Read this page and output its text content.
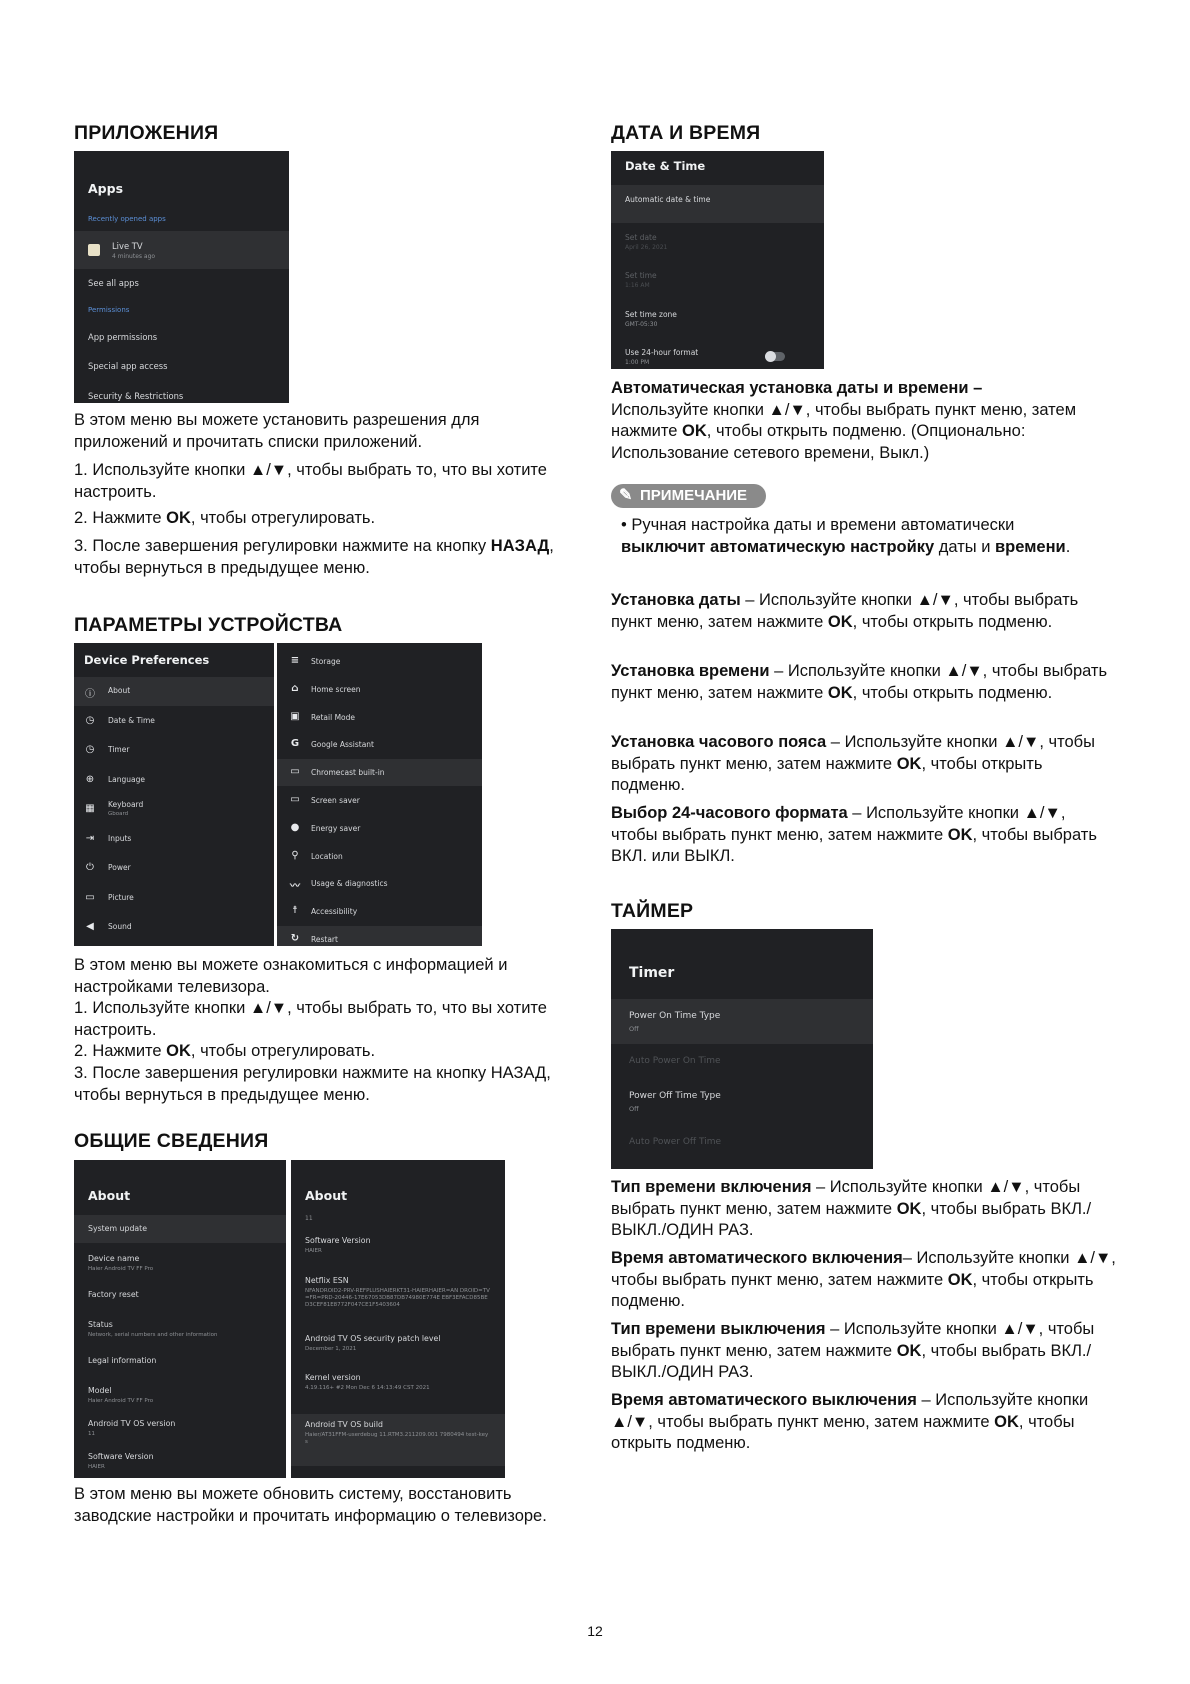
ПРИЛОЖЕНИЯ
Apps
Recently opened apps
Live TV
4 minutes ago
See all apps
Permissions
App permissions
Special app access
Security & Restrictions

В этом меню вы можете установить разрешения для приложений и прочитать списки приложений.

1. Используйте кнопки ▲/▼, чтобы выбрать то, что вы хотите настроить.

2. Нажмите OK, чтобы отрегулировать.

3. После завершения регулировки нажмите на кнопку НАЗАД, чтобы вернуться в предыдущее меню.

ПАРАМЕТРЫ УСТРОЙСТВА
Device Preferences
ⓘ About
◷ Date & Time
◷ Timer
⊕ Language
▦ Keyboard
Gboard
⇥ Inputs
⏻ Power
▭ Picture
◀ Sound
≡ Storage
⌂	Home screen
▣ Retail Mode
G Google Assistant
▭ Chromecast built-in
▭ Screen saver
● Energy saver
⚲	Location
〰 Usage & diagnostics
☨	Accessibility
↻ Restart

В этом меню вы можете ознакомиться с информацией и настройками телевизора.

1. Используйте кнопки ▲/▼, чтобы выбрать то, что вы хотите настроить.

2. Нажмите OK, чтобы отрегулировать.

3. После завершения регулировки нажмите на кнопку НАЗАД, чтобы вернуться в предыдущее меню.

ОБЩИЕ СВЕДЕНИЯ
About
System update
Device name
Haier Android TV FF Pro
Factory reset
Status
Network, serial numbers and other information
Legal information
Model
Haier Android TV FF Pro
Android TV OS version
11
Software Version
HAIER
About
11
Software Version
HAIER
Netflix ESN
NFANDROID2-PRV-REFPLUSHAIERKT31-HAIERHAIER=AN DROID=TV=FR=PRD-20446-17E67053DB87DB74980E774E EBF3EFACD85BED3CEF81E8772F047CE1F5403604
Android TV OS security patch level
December 1, 2021
Kernel version
4.19.116+ #2 Mon Dec 6 14:13:49 CST 2021
Android TV OS build
Haier/AT31FFM-userdebug 11.RTM3.211209.001 7980494 test-keys

В этом меню вы можете обновить систему, восстановить заводские настройки и прочитать информацию о телевизоре.

ДАТА И ВРЕМЯ
Date & Time
Automatic date & time
Set date
April 26, 2021
Set time
1:16 AM
Set time zone
GMT-05:30
Use 24-hour format
1:00 PM

Автоматическая установка даты и времени –
Используйте кнопки ▲/▼, чтобы выбрать пункт меню, затем нажмите OK, чтобы открыть подменю. (Опционально: Использование сетевого времени, Выкл.)

✎ ПРИМЕЧАНИЕ

• Ручная настройка даты и времени автоматически выключит автоматическую настройку даты и времени.

Установка даты – Используйте кнопки ▲/▼, чтобы выбрать пункт меню, затем нажмите OK, чтобы открыть подменю.

Установка времени – Используйте кнопки ▲/▼, чтобы выбрать пункт меню, затем нажмите OK, чтобы открыть подменю.

Установка часового пояса – Используйте кнопки ▲/▼, чтобы выбрать пункт меню, затем нажмите OK, чтобы открыть подменю.

Выбор 24-часового формата – Используйте кнопки ▲/▼, чтобы выбрать пункт меню, затем нажмите OK, чтобы выбрать ВКЛ. или ВЫКЛ.

ТАЙМЕР
Timer
Power On Time Type
Off
Auto Power On Time
Power Off Time Type
Off
Auto Power Off Time

Тип времени включения – Используйте кнопки ▲/▼, чтобы выбрать пункт меню, затем нажмите OK, чтобы выбрать ВКЛ./ВЫКЛ./ОДИН РАЗ.

Время автоматического включения– Используйте кнопки ▲/▼, чтобы выбрать пункт меню, затем нажмите OK, чтобы открыть подменю.

Тип времени выключения – Используйте кнопки ▲/▼, чтобы выбрать пункт меню, затем нажмите OK, чтобы выбрать ВКЛ./ВЫКЛ./ОДИН РАЗ.

Время автоматического выключения – Используйте кнопки ▲/▼, чтобы выбрать пункт меню, затем нажмите OK, чтобы открыть подменю.

12
